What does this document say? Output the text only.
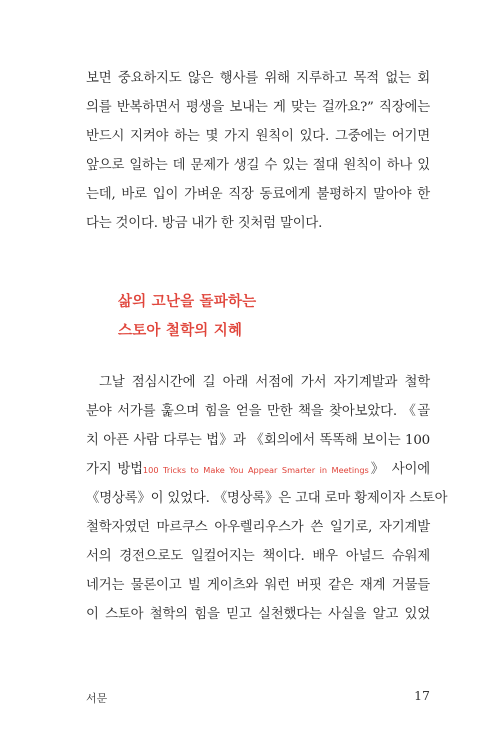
보면 중요하지도 않은 행사를 위해 지루하고 목적 없는 회
의를 반복하면서 평생을 보내는 게 맞는 걸까요?” 직장에는
반드시 지켜야 하는 몇 가지 원칙이 있다. 그중에는 어기면
앞으로 일하는 데 문제가 생길 수 있는 절대 원칙이 하나 있
는데, 바로 입이 가벼운 직장 동료에게 불평하지 말아야 한
다는 것이다. 방금 내가 한 짓처럼 말이다.
삶의 고난을 돌파하는
스토아 철학의 지혜
그날 점심시간에 길 아래 서점에 가서 자기계발과 철학
분야 서가를 훑으며 힘을 얻을 만한 책을 찾아보았다. 《골
치 아픈 사람 다루는 법》과 《회의에서 똑똑해 보이는 100
가지 방법100 Tricks to Make You Appear Smarter in Meetings》 사이에
《명상록》이 있었다. 《명상록》은 고대 로마 황제이자 스토아
철학자였던 마르쿠스 아우렐리우스가 쓴 일기로, 자기계발
서의 경전으로도 일컬어지는 책이다. 배우 아널드 슈워제
네거는 물론이고 빌 게이츠와 워런 버핏 같은 재계 거물들
이 스토아 철학의 힘을 믿고 실천했다는 사실을 알고 있었
서문	17
